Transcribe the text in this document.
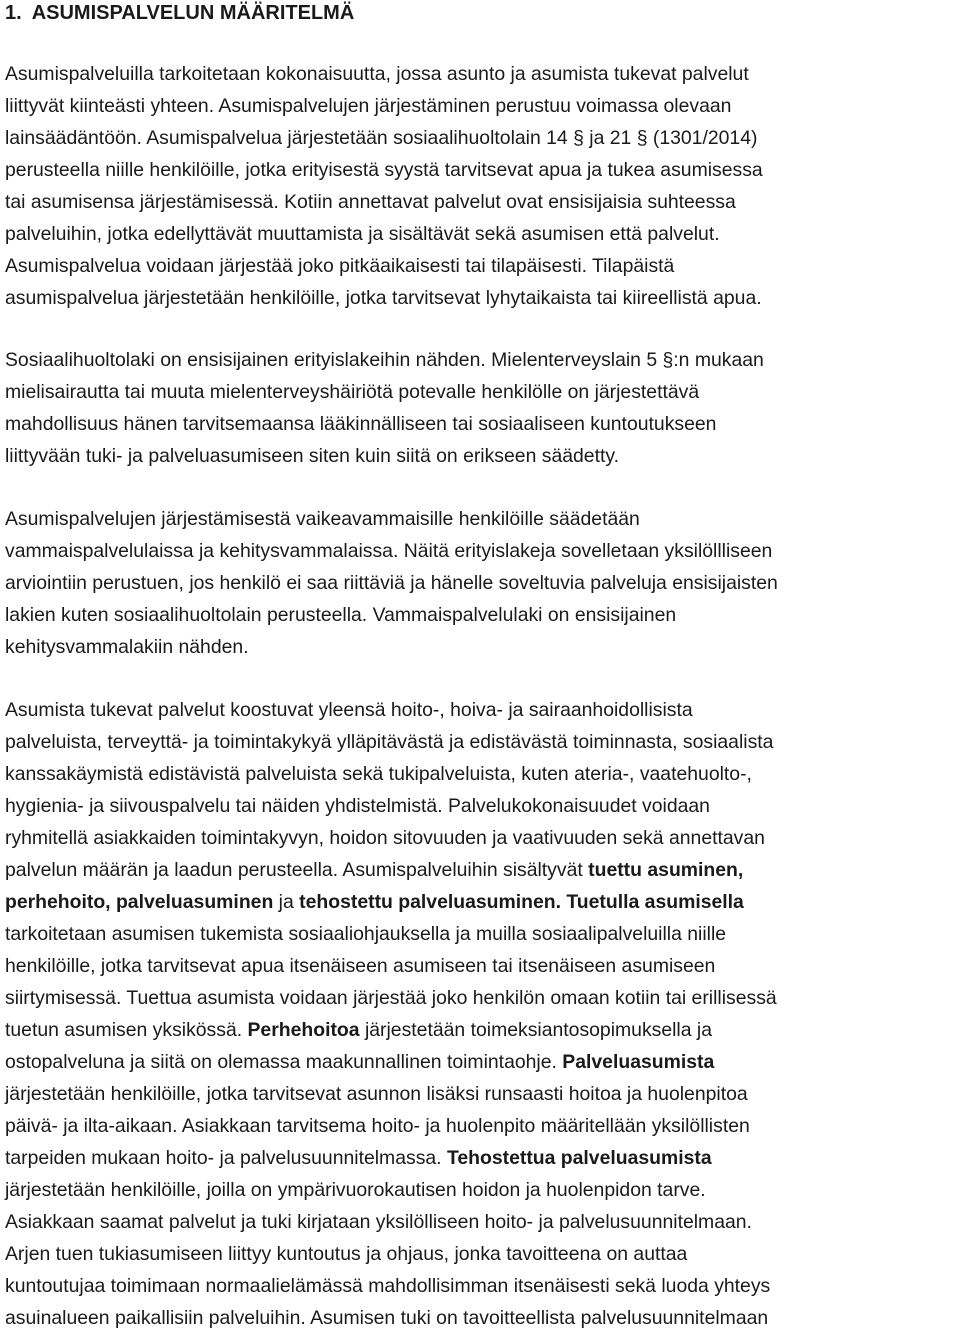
1. ASUMISPALVELUN MÄÄRITELMÄ
Asumispalveluilla tarkoitetaan kokonaisuutta, jossa asunto ja asumista tukevat palvelut
liittyvät kiinteästi yhteen. Asumispalvelujen järjestäminen perustuu voimassa olevaan
lainsäädäntöön. Asumispalvelua järjestetään sosiaalihuoltolain 14 § ja 21 § (1301/2014)
perusteella niille henkilöille, jotka erityisestä syystä tarvitsevat apua ja tukea asumisessa
tai asumisensa järjestämisessä. Kotiin annettavat palvelut ovat ensisijaisia suhteessa
palveluihin, jotka edellyttävät muuttamista ja sisältävät sekä asumisen että palvelut.
Asumispalvelua voidaan järjestää joko pitkäaikaisesti tai tilapäisesti. Tilapäistä
asumispalvelua järjestetään henkilöille, jotka tarvitsevat lyhytaikaista tai kiireellistä apua.
Sosiaalihuoltolaki on ensisijainen erityislakeihin nähden. Mielenterveyslain 5 §:n mukaan
mielisairautta tai muuta mielenterveyshäiriötä potevalle henkilölle on järjestettävä
mahdollisuus hänen tarvitsemaansa lääkinnälliseen tai sosiaaliseen kuntoutukseen
liittyvään tuki- ja palveluasumiseen siten kuin siitä on erikseen säädetty.
Asumispalvelujen järjestämisestä vaikeavammaisille henkilöille säädetään
vammaispalvelulaissa ja kehitysvammalaissa. Näitä erityislakeja sovelletaan yksilöllliseen
arviointiin perustuen, jos henkilö ei saa riittäviä ja hänelle soveltuvia palveluja ensisijaisten
lakien kuten sosiaalihuoltolain perusteella. Vammaispalvelulaki on ensisijainen
kehitysvammalakiin nähden.
Asumista tukevat palvelut koostuvat yleensä hoito-, hoiva- ja sairaanhoidollisista
palveluista, terveyttä- ja toimintakykyä ylläpitävästä ja edistävästä toiminnasta, sosiaalista
kanssakäymistä edistävistä palveluista sekä tukipalveluista, kuten ateria-, vaatehuolto-,
hygienia- ja siivouspalvelu tai näiden yhdistelmistä. Palvelukokonaisuudet voidaan
ryhmitellä asiakkaiden toimintakyvyn, hoidon sitovuuden ja vaativuuden sekä annettavan
palvelun määrän ja laadun perusteella. Asumispalveluihin sisältyvät tuettu asuminen,
perhehoito, palveluasuminen ja tehostettu palveluasuminen. Tuetulla asumisella
tarkoitetaan asumisen tukemista sosiaaliohjauksella ja muilla sosiaalipalveluilla niille
henkilöille, jotka tarvitsevat apua itsenäiseen asumiseen tai itsenäiseen asumiseen
siirtymisessä. Tuettua asumista voidaan järjestää joko henkilön omaan kotiin tai erillisessä
tuetun asumisen yksikössä. Perhehoitoa järjestetään toimeksiantosopimuksella ja
ostopalveluna ja siitä on olemassa maakunnallinen toimintaohje. Palveluasumista
järjestetään henkilöille, jotka tarvitsevat asunnon lisäksi runsaasti hoitoa ja huolenpitoa
päivä- ja ilta-aikaan. Asiakkaan tarvitsema hoito- ja huolenpito määritellään yksilöllisten
tarpeiden mukaan hoito- ja palvelusuunnitelmassa. Tehostettua palveluasumista
järjestetään henkilöille, joilla on ympärivuorokautisen hoidon ja huolenpidon tarve.
Asiakkaan saamat palvelut ja tuki kirjataan yksilölliseen hoito- ja palvelusuunnitelmaan.
Arjen tuen tukiasumiseen liittyy kuntoutus ja ohjaus, jonka tavoitteena on auttaa
kuntoutujaa toimimaan normaalielämässä mahdollisimman itsenäisesti sekä luoda yhteys
asuinalueen paikallisiin palveluihin. Asumisen tuki on tavoitteellista palvelusuunnitelmaan
